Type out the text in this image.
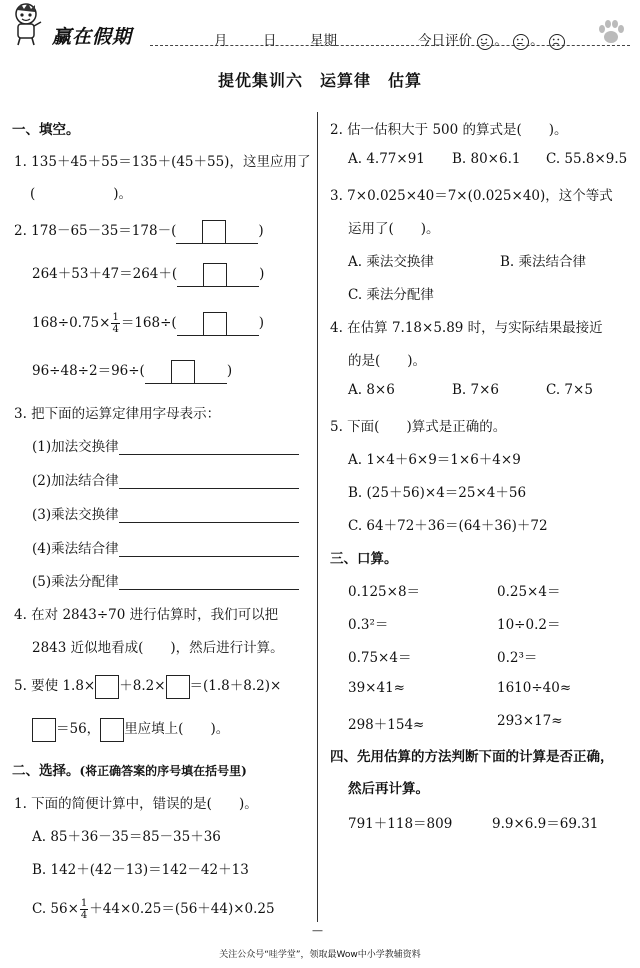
赢在假期	月	日 星期	今日评价 。 。
提优集训六　运算律　估算
一、填空。
1. 135＋45＋55＝135＋(45＋55)，这里应用了
(	)。
2. 178－65－35＝178－(	)
264＋53＋47＝264＋(	)
$168\div 0.75\times \frac{1}{4} =168\div$(	)
96÷48÷2＝96÷(	)
3. 把下面的运算定律用字母表示：
(1)加法交换律
(2)加法结合律
(3)乘法交换律
(4)乘法结合律
(5)乘法分配律
4. 在对 2843÷70 进行估算时，我们可以把
2843 近似地看成(　　)，然后进行计算。
5. 要使 1.8× ＋8.2× ＝(1.8＋8.2)×
＝56， 里应填上(　　)。
二、选择。(将正确答案的序号填在括号里)
1. 下面的简便计算中，错误的是(　　)。
A. 85＋36－35＝85－35＋36
B. 142＋(42－13)＝142－42＋13
C. $56\times \frac{1}{4} +44\times 0.25=(56+44)\times 0.25$
2. 估一估积大于 500 的算式是(　　)。
A. 4.77×91 B. 80×6.1 C. 55.8×9.5
3. 7×0.025×40＝7×(0.025×40)，这个等式
运用了(　　)。
A. 乘法交换律	B. 乘法结合律
C. 乘法分配律
4. 在估算 7.18×5.89 时，与实际结果最接近
的是(　　)。
A. 8×6	B. 7×6	C. 7×5
5. 下面(　　)算式是正确的。
A. 1×4＋6×9＝1×6＋4×9
B. (25＋56)×4＝25×4＋56
C. 64＋72＋36＝(64＋36)＋72
三、口算。
0.125×8＝	0.25×4＝
0.3²＝	10÷0.2＝
0.75×4＝	0.2³＝
39×41≈	1610÷40≈
298＋154≈	293×17≈
四、先用估算的方法判断下面的计算是否正确，
然后再计算。
791＋118＝809	9.9×6.9＝69.31
—
关注公众号“哇学堂”，领取最Wow中小学教辅资料
